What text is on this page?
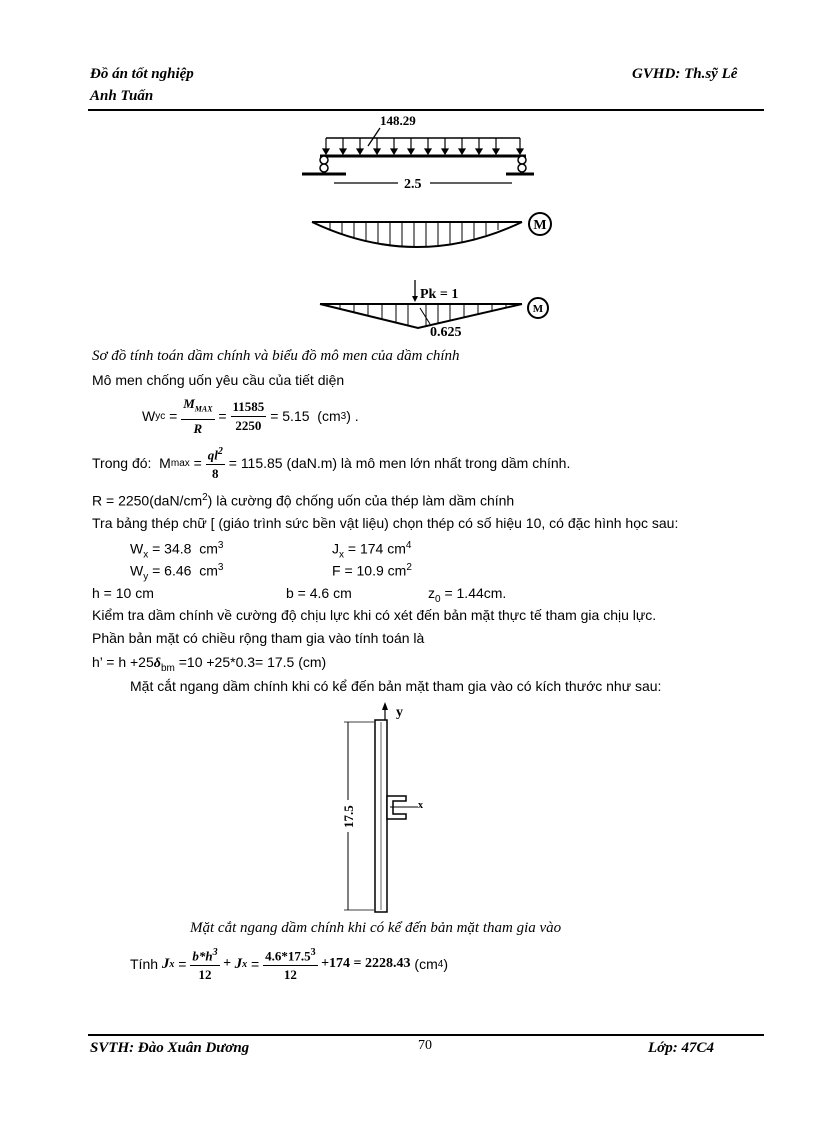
Đồ án tốt nghiệp
Anh Tuấn
GVHD: Th.sỹ Lê
148.29
2.5
M
Pk = 1
0.625
M
Sơ đồ tính toán dầm chính và biểu đồ mô men của dầm chính
Mô men chống uốn yêu cầu của tiết diện
W yc = $\frac{M_{MAX}}{R} = \frac{11585}{2250} = 5.15$  (cm 3 ) .
Trong đó:  M $\max = \frac{ql^2}{8} = 115.85$ (daN.m) là mô men lớn nhất trong dầm chính.
$R = 2250(daN/cm^2)$ là cường độ chống uốn của thép làm dầm chính
Tra bảng thép chữ [ (giáo trình sức bền vật liệu) chọn thép có số hiệu 10, có đặc hình học sau:
$W_x = 34.8$  $cm^3$	$J_x = 174$ $cm^4$
$W_y = 6.46$  $cm^3$	F = 10.9 $cm^2$
h = 10 cm	b = 4.6 cm	$z_0 = 1.44cm$.
Kiểm tra dầm chính về cường độ chịu lực khi có xét đến bản mặt thực tế tham gia chịu lực.
Phần bản mặt có chiều rộng tham gia vào tính toán là
h’ = $h +25\delta_{bm} =10 +25*0.3= 17.5$ (cm)
Mặt cắt ngang dầm chính khi có kể đến bản mặt tham gia vào có kích thước như sau:
y
x
17.5
Mặt cắt ngang dầm chính khi có kể đến bản mặt tham gia vào
Tính J $x = \frac{b*h^3}{12} + J$ $x = \frac{4.6*17.5^3}{12} +174 = 2228.43$ (cm 4 )
SVTH: Đào Xuân Dương	70	Lớp: 47C4
